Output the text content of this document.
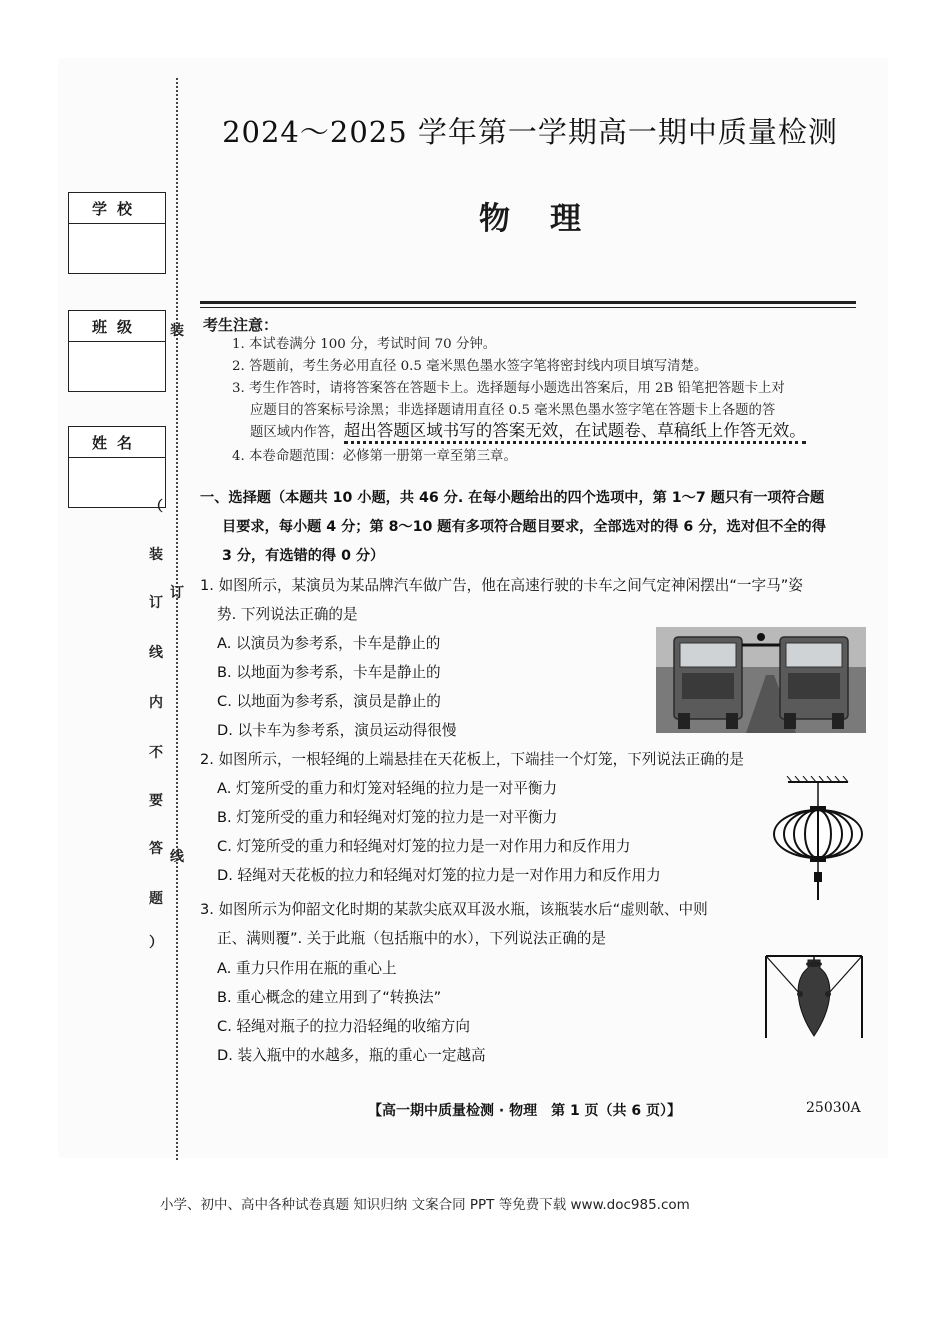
学校
班级
姓名
装
订
线
（
装
订
线
内
不
要
答
题
）
2024～2025 学年第一学期高一期中质量检测
物理
考生注意：
1. 本试卷满分 100 分，考试时间 70 分钟。
2. 答题前，考生务必用直径 0.5 毫米黑色墨水签字笔将密封线内项目填写清楚。
3. 考生作答时，请将答案答在答题卡上。选择题每小题选出答案后，用 2B 铅笔把答题卡上对
应题目的答案标号涂黑；非选择题请用直径 0.5 毫米黑色墨水签字笔在答题卡上各题的答
题区域内作答，超出答题区域书写的答案无效，在试题卷、草稿纸上作答无效。
4. 本卷命题范围：必修第一册第一章至第三章。
一、选择题（本题共 10 小题，共 46 分. 在每小题给出的四个选项中，第 1～7 题只有一项符合题
目要求，每小题 4 分；第 8～10 题有多项符合题目要求，全部选对的得 6 分，选对但不全的得
3 分，有选错的得 0 分）
1. 如图所示，某演员为某品牌汽车做广告，他在高速行驶的卡车之间气定神闲摆出“一字马”姿
势. 下列说法正确的是
A. 以演员为参考系，卡车是静止的
B. 以地面为参考系，卡车是静止的
C. 以地面为参考系，演员是静止的
D. 以卡车为参考系，演员运动得很慢
2. 如图所示，一根轻绳的上端悬挂在天花板上，下端挂一个灯笼，下列说法正确的是
A. 灯笼所受的重力和灯笼对轻绳的拉力是一对平衡力
B. 灯笼所受的重力和轻绳对灯笼的拉力是一对平衡力
C. 灯笼所受的重力和轻绳对灯笼的拉力是一对作用力和反作用力
D. 轻绳对天花板的拉力和轻绳对灯笼的拉力是一对作用力和反作用力
3. 如图所示为仰韶文化时期的某款尖底双耳汲水瓶，该瓶装水后“虚则欹、中则
正、满则覆”. 关于此瓶（包括瓶中的水），下列说法正确的是
A. 重力只作用在瓶的重心上
B. 重心概念的建立用到了“转换法”
C. 轻绳对瓶子的拉力沿轻绳的收缩方向
D. 装入瓶中的水越多，瓶的重心一定越高
【高一期中质量检测 · 物理　第 1 页（共 6 页）】	25030A
小学、初中、高中各种试卷真题 知识归纳 文案合同 PPT 等免费下载 www.doc985.com
